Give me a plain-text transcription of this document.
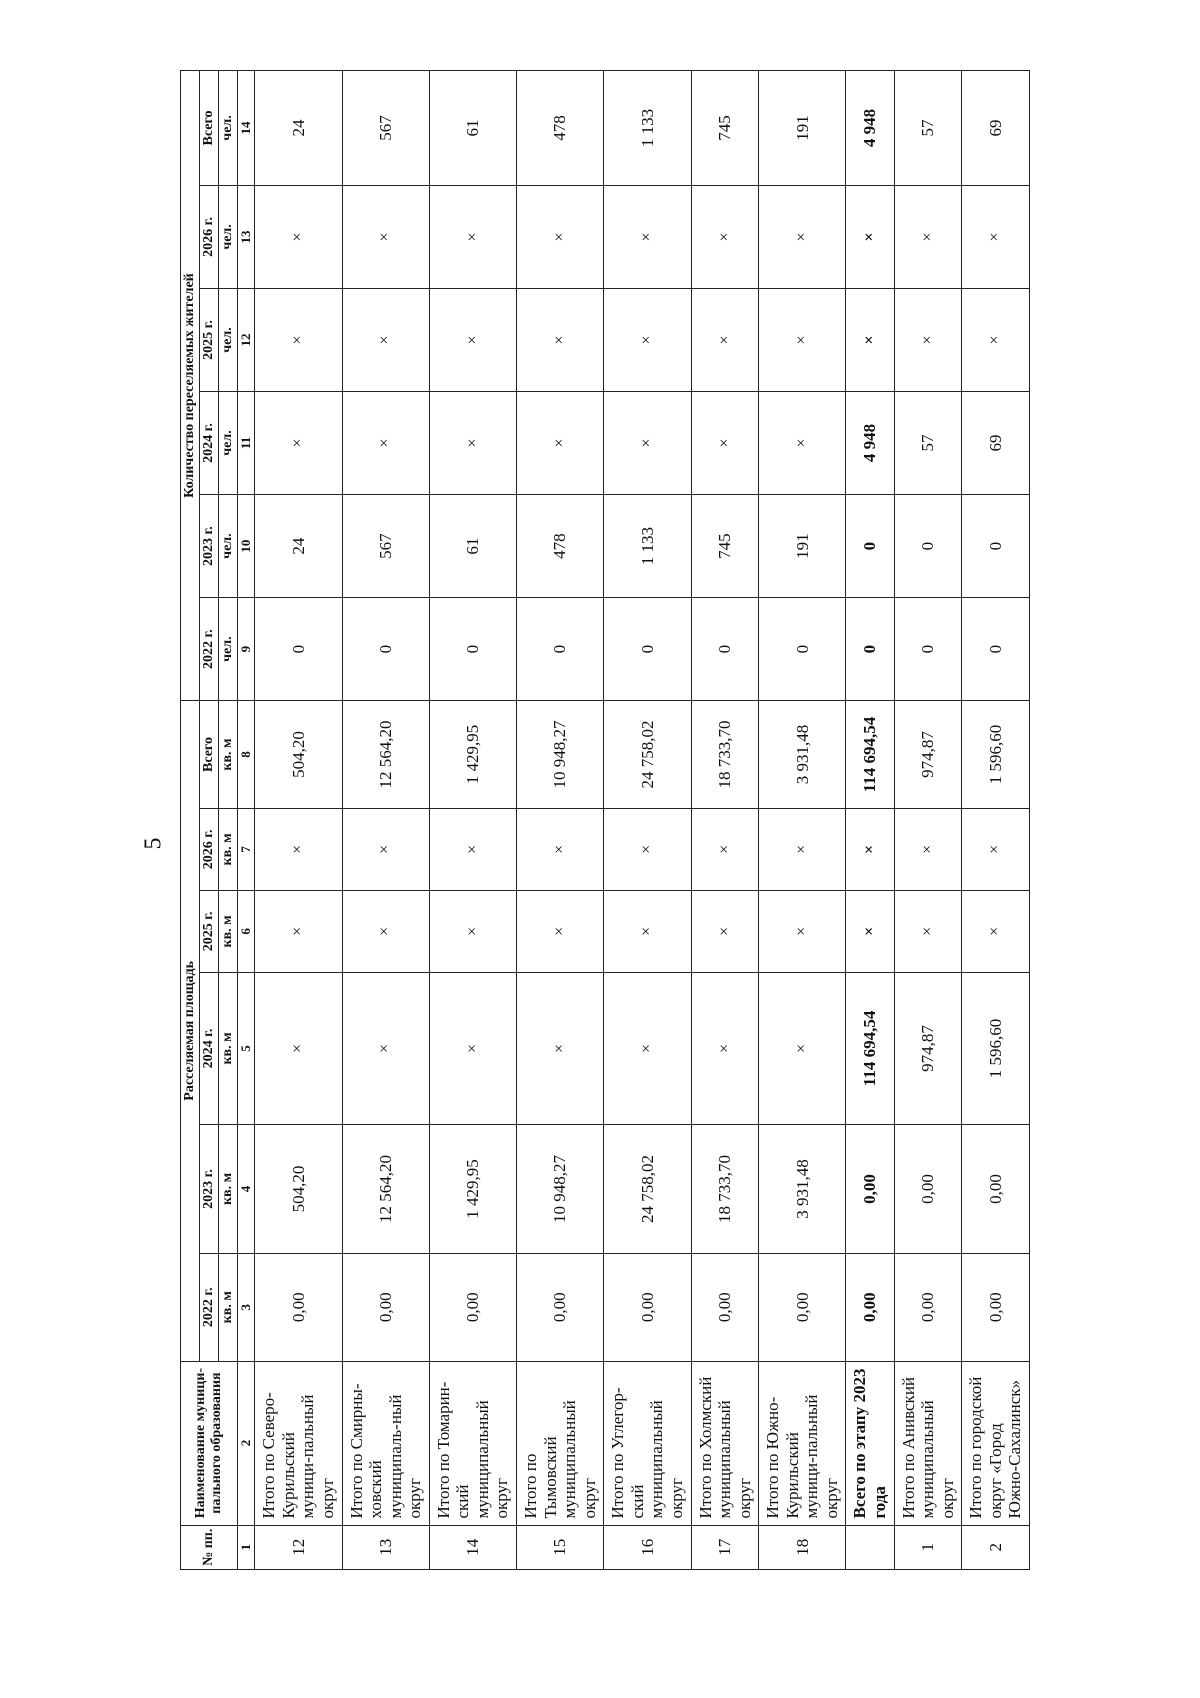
5
№ пп.	Наименование муници-пального образования	Расселяемая площадь						Количество переселяемых жителей					
		2022 г.	2023 г.	2024 г.	2025 г.	2026 г.	Всего	2022 г.	2023 г.	2024 г.	2025 г.	2026 г.	Всего
		кв. м	кв. м	кв. м	кв. м	кв. м	кв. м	чел.	чел.	чел.	чел.	чел.	чел.
1	2	3	4	5	6	7	8	9	10	11	12	13	14
12	Итого по Северо-Курильский муници-пальный округ	0,00	504,20	×	×	×	504,20	0	24	×	×	×	24
13	Итого по Смирны-ховский муниципаль-ный округ	0,00	12 564,20	×	×	×	12 564,20	0	567	×	×	×	567
14	Итого по Томарин-ский муниципальный округ	0,00	1 429,95	×	×	×	1 429,95	0	61	×	×	×	61
15	Итого по Тымовский муниципальный округ	0,00	10 948,27	×	×	×	10 948,27	0	478	×	×	×	478
16	Итого по Углегор-ский муниципальный округ	0,00	24 758,02	×	×	×	24 758,02	0	1 133	×	×	×	1 133
17	Итого по Холмский муниципальный округ	0,00	18 733,70	×	×	×	18 733,70	0	745	×	×	×	745
18	Итого по Южно-Курильский муници-пальный округ	0,00	3 931,48	×	×	×	3 931,48	0	191	×	×	×	191
	Всего по этапу 2023 года	0,00	0,00	114 694,54	×	×	114 694,54	0	0	4 948	×	×	4 948
1	Итого по Анивский муниципальный округ	0,00	0,00	974,87	×	×	974,87	0	0	57	×	×	57
2	Итого по городской округ «Город Южно-Сахалинск»	0,00	0,00	1 596,60	×	×	1 596,60	0	0	69	×	×	69
